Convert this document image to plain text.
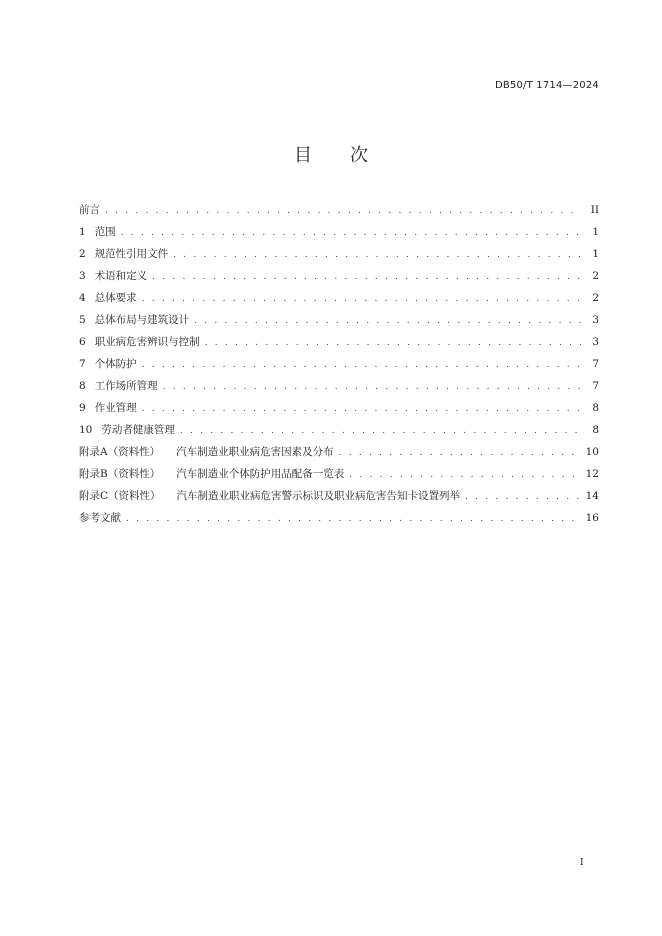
DB50/T 1714—2024
目 次
前言 . . .	II
1 范围 . . .	1
2 规范性引用文件 . . .	1
3 术语和定义 . . .	2
4 总体要求 . . .	2
5 总体布局与建筑设计 . . .	3
6 职业病危害辨识与控制 . . .	3
7 个体防护 . . .	7
8 工作场所管理 . . .	7
9 作业管理 . . .	8
10 劳动者健康管理 . . .	8
附录A（资料性） 汽车制造业职业病危害因素及分布 . . .	10
附录B（资料性） 汽车制造业个体防护用品配备一览表 . . .	12
附录C（资料性） 汽车制造业职业病危害警示标识及职业病危害告知卡设置列举 . . .	14
参考文献 . . .	16
I
